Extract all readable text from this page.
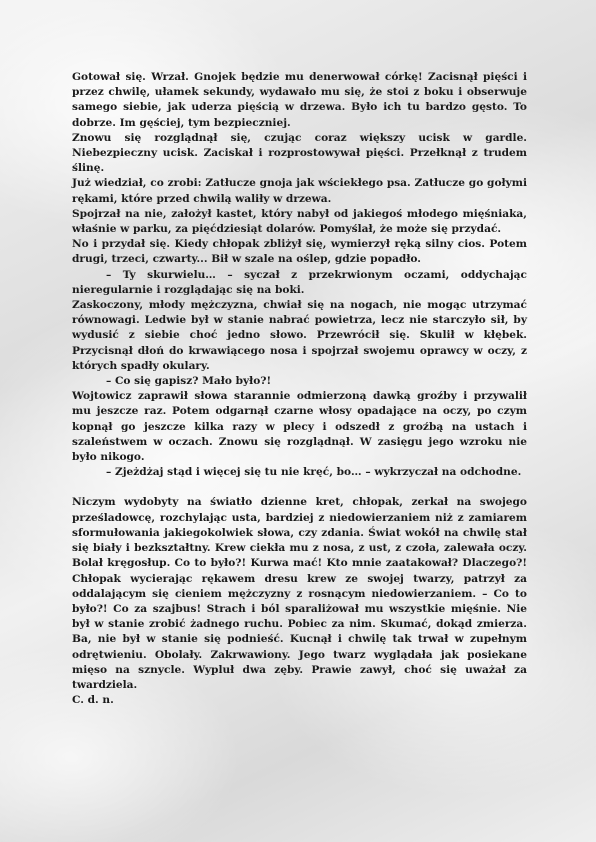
Gotował się. Wrzał. Gnojek będzie mu denerwował córkę! Zacisnął pięści i przez chwilę, ułamek sekundy, wydawało mu się, że stoi z boku i obserwuje samego siebie, jak uderza pięścią w drzewa. Było ich tu bardzo gęsto. To dobrze. Im gęściej, tym bezpieczniej.

Znowu się rozglądnął się, czując coraz większy ucisk w gardle. Niebezpieczny ucisk. Zaciskał i rozprostowywał pięści. Przełknął z trudem ślinę.

Już wiedział, co zrobi: Zatłucze gnoja jak wściekłego psa. Zatłucze go gołymi rękami, które przed chwilą waliły w drzewa.

Spojrzał na nie, założył kastet, który nabył od jakiegoś młodego mięśniaka, właśnie w parku, za pięćdziesiąt dolarów. Pomyślał, że może się przydać.

No i przydał się. Kiedy chłopak zbliżył się, wymierzył ręką silny cios. Potem drugi, trzeci, czwarty... Bił w szale na oślep, gdzie popadło.

– Ty skurwielu… – syczał z przekrwionym oczami, oddychając nieregularnie i rozglądając się na boki.

Zaskoczony, młody mężczyzna, chwiał się na nogach, nie mogąc utrzymać równowagi. Ledwie był w stanie nabrać powietrza, lecz nie starczyło sił, by wydusić z siebie choć jedno słowo. Przewrócił się. Skulił w kłębek. Przycisnął dłoń do krwawiącego nosa i spojrzał swojemu oprawcy w oczy, z których spadły okulary.

– Co się gapisz? Mało było?!

Wojtowicz zaprawił słowa starannie odmierzoną dawką groźby i przywalił mu jeszcze raz. Potem odgarnął czarne włosy opadające na oczy, po czym kopnął go jeszcze kilka razy w plecy i odszedł z groźbą na ustach i szaleństwem w oczach. Znowu się rozglądnął. W zasięgu jego wzroku nie było nikogo.

– Zjeżdżaj stąd i więcej się tu nie kręć, bo… – wykrzyczał na odchodne.

Niczym wydobyty na światło dzienne kret, chłopak, zerkał na swojego prześladowcę, rozchylając usta, bardziej z niedowierzaniem niż z zamiarem sformułowania jakiegokolwiek słowa, czy zdania. Świat wokół na chwilę stał się biały i bezkształtny. Krew ciekła mu z nosa, z ust, z czoła, zalewała oczy. Bolał kręgosłup. Co to było?! Kurwa mać! Kto mnie zaatakował? Dlaczego?! Chłopak wycierając rękawem dresu krew ze swojej twarzy, patrzył za oddalającym się cieniem mężczyzny z rosnącym niedowierzaniem. – Co to było?! Co za szajbus! Strach i ból sparaliżował mu wszystkie mięśnie. Nie był w stanie zrobić żadnego ruchu. Pobiec za nim. Skumać, dokąd zmierza. Ba, nie był w stanie się podnieść. Kucnął i chwilę tak trwał w zupełnym odrętwieniu. Obolały. Zakrwawiony. Jego twarz wyglądała jak posiekane mięso na sznycle. Wypluł dwa zęby. Prawie zawył, choć się uważał za twardziela.

C. d. n.
